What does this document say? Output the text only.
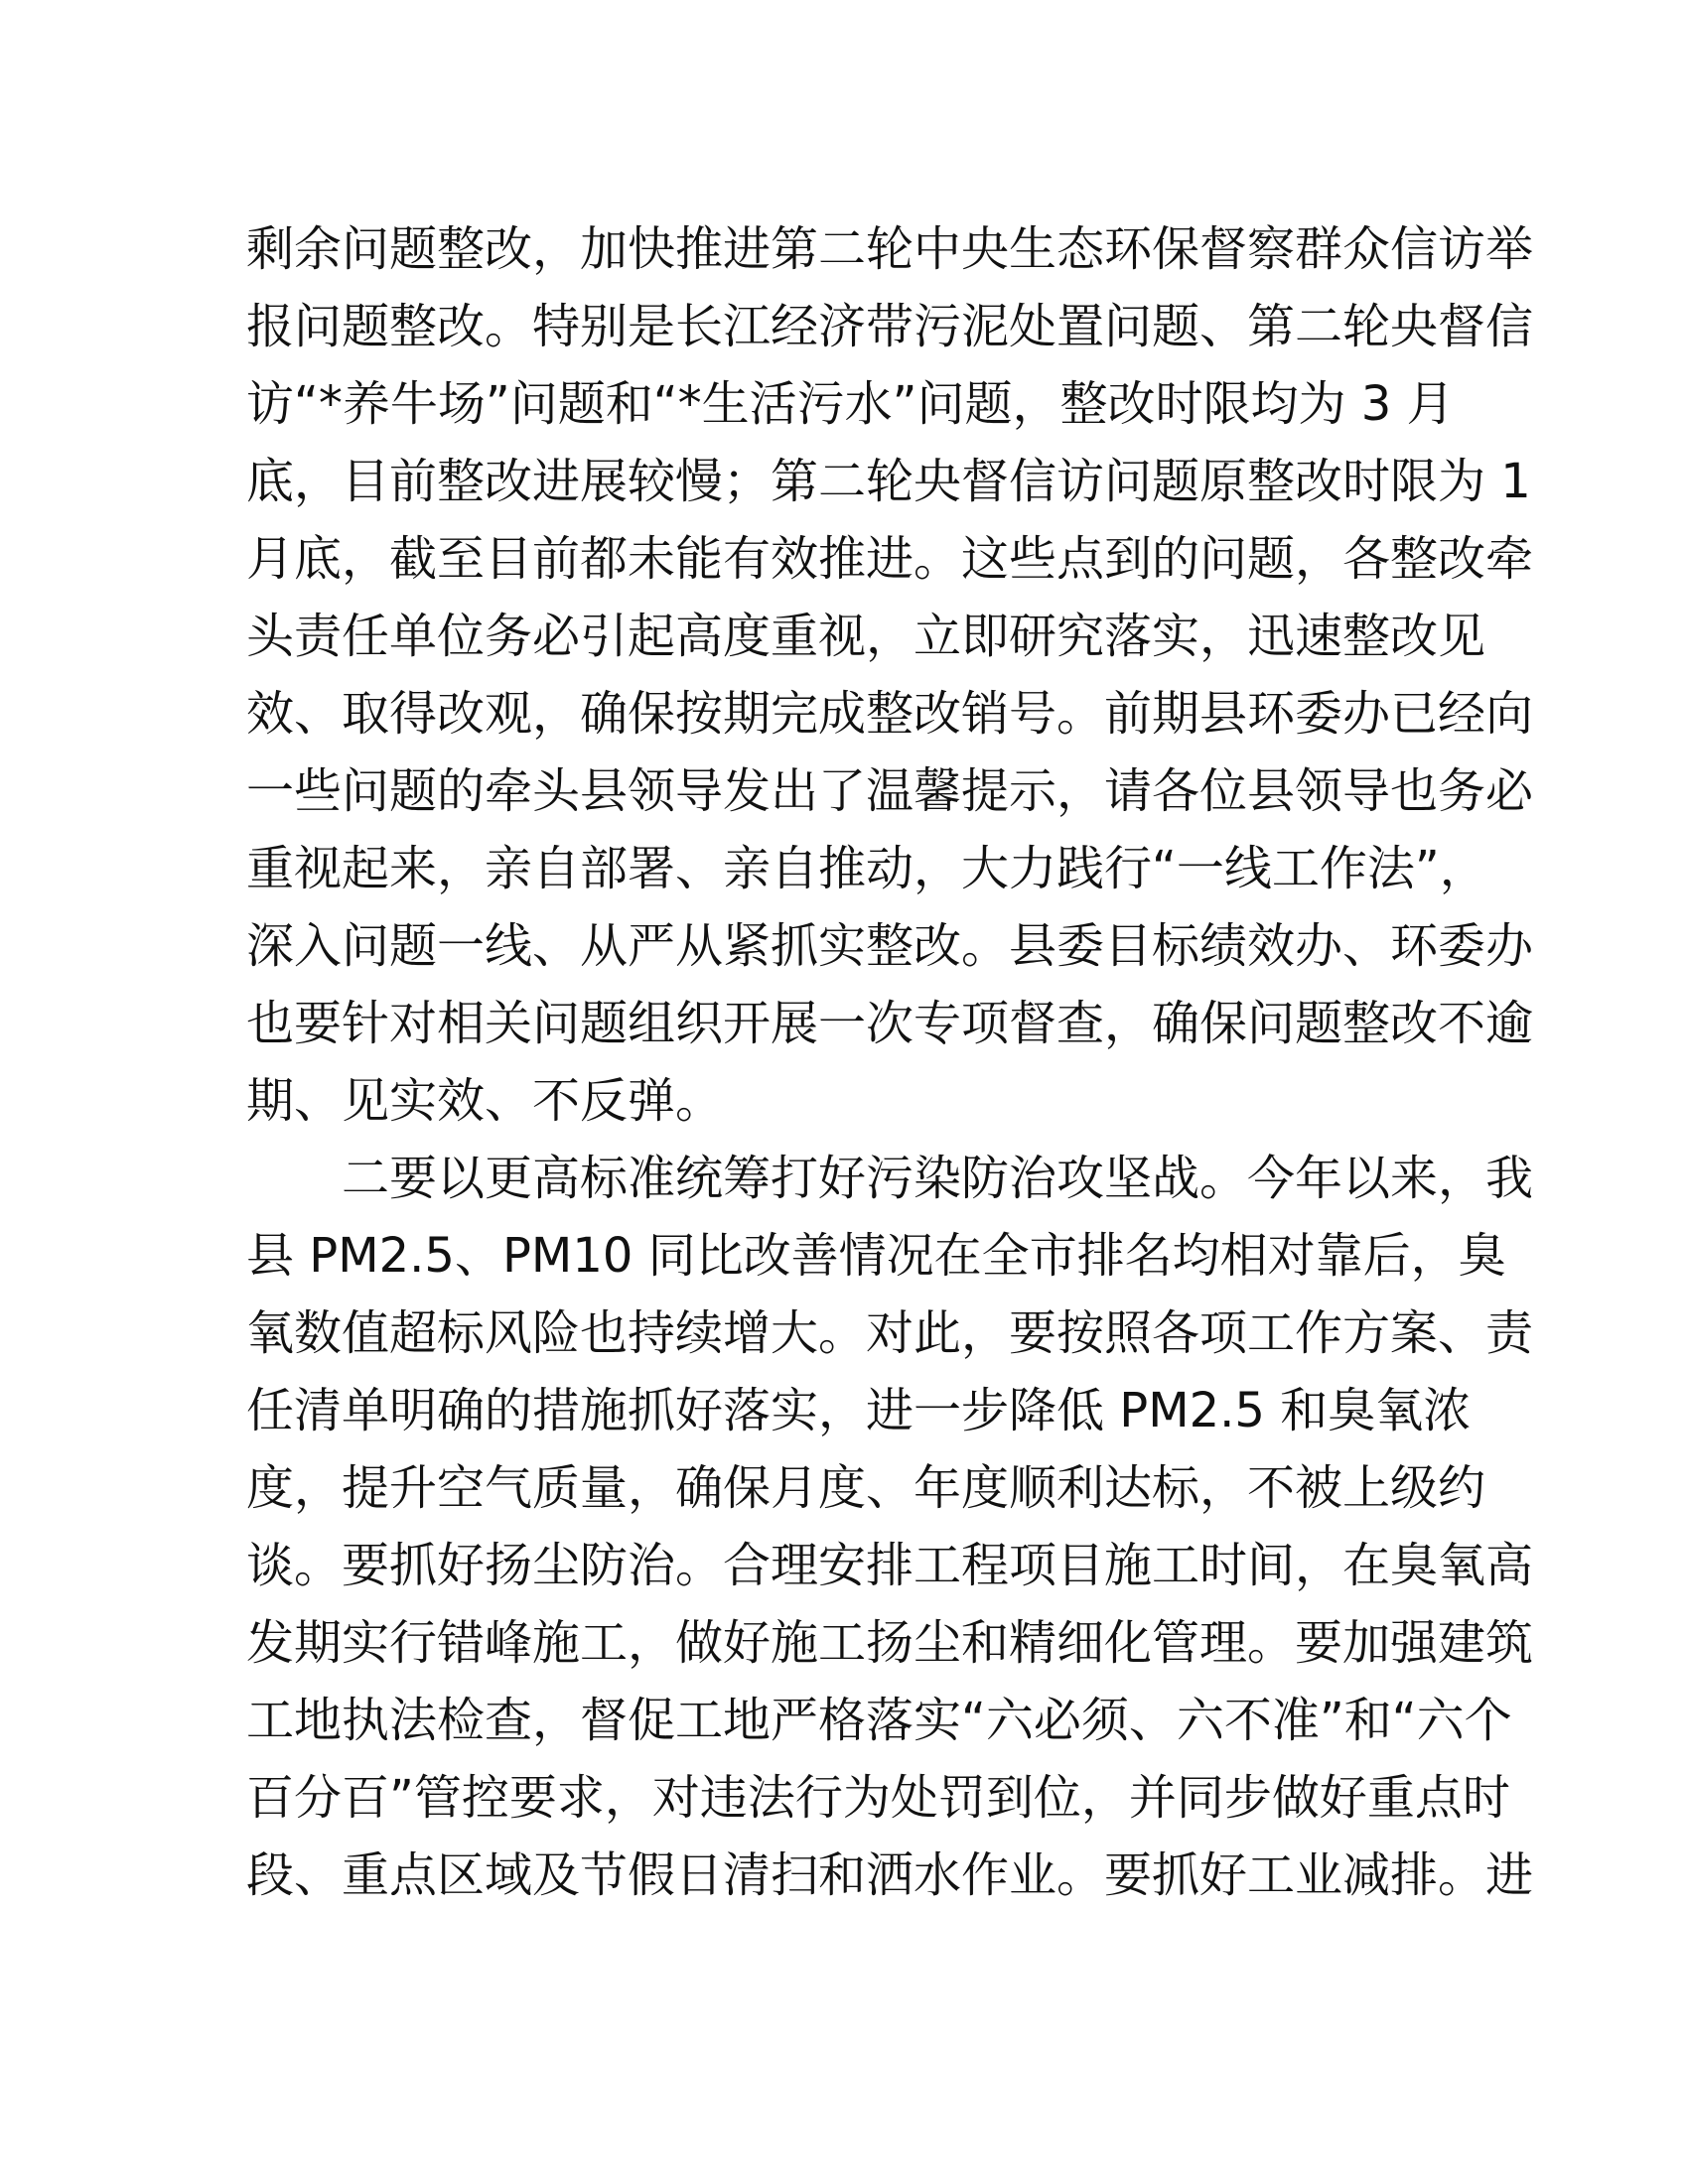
剩余问题整改，加快推进第二轮中央生态环保督察群众信访举
报问题整改。特别是长江经济带污泥处置问题、第二轮央督信
访“*养牛场”问题和“*生活污水”问题，整改时限均为 3 月
底，目前整改进展较慢；第二轮央督信访问题原整改时限为 1
月底，截至目前都未能有效推进。这些点到的问题，各整改牵
头责任单位务必引起高度重视，立即研究落实，迅速整改见
效、取得改观，确保按期完成整改销号。前期县环委办已经向
一些问题的牵头县领导发出了温馨提示，请各位县领导也务必
重视起来，亲自部署、亲自推动，大力践行“一线工作法”，
深入问题一线、从严从紧抓实整改。县委目标绩效办、环委办
也要针对相关问题组织开展一次专项督查，确保问题整改不逾
期、见实效、不反弹。
二要以更高标准统筹打好污染防治攻坚战。今年以来，我
县 PM2.5、PM10 同比改善情况在全市排名均相对靠后，臭
氧数值超标风险也持续增大。对此，要按照各项工作方案、责
任清单明确的措施抓好落实，进一步降低 PM2.5 和臭氧浓
度，提升空气质量，确保月度、年度顺利达标，不被上级约
谈。要抓好扬尘防治。合理安排工程项目施工时间，在臭氧高
发期实行错峰施工，做好施工扬尘和精细化管理。要加强建筑
工地执法检查，督促工地严格落实“六必须、六不准”和“六个
百分百”管控要求，对违法行为处罚到位，并同步做好重点时
段、重点区域及节假日清扫和洒水作业。要抓好工业减排。进
